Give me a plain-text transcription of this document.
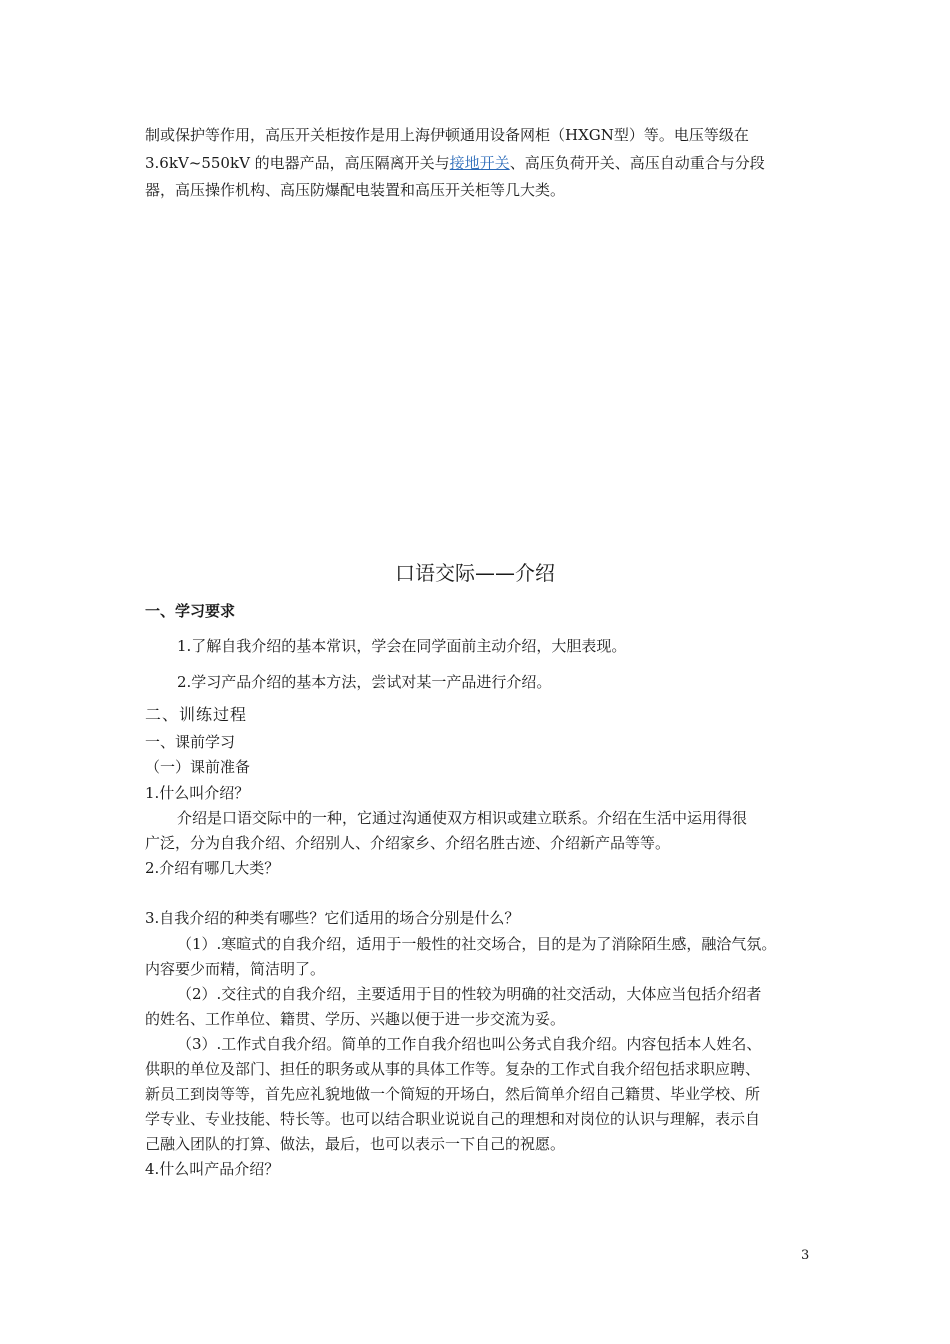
制或保护等作用，高压开关柜按作是用上海伊顿通用设备网柜（HXGN型）等。电压等级在
3.6kV~550kV 的电器产品，高压隔离开关与接地开关、高压负荷开关、高压自动重合与分段
器，高压操作机构、高压防爆配电装置和高压开关柜等几大类。
口语交际——介绍
一、学习要求
1.了解自我介绍的基本常识，学会在同学面前主动介绍，大胆表现。
2.学习产品介绍的基本方法，尝试对某一产品进行介绍。
二、训练过程
一、课前学习
（一）课前准备
1.什么叫介绍？
介绍是口语交际中的一种，它通过沟通使双方相识或建立联系。介绍在生活中运用得很
广泛，分为自我介绍、介绍别人、介绍家乡、介绍名胜古迹、介绍新产品等等。
2.介绍有哪几大类？
3.自我介绍的种类有哪些？它们适用的场合分别是什么？
（1）.寒暄式的自我介绍，适用于一般性的社交场合，目的是为了消除陌生感，融洽气氛。
内容要少而精，简洁明了。
（2）.交往式的自我介绍，主要适用于目的性较为明确的社交活动，大体应当包括介绍者
的姓名、工作单位、籍贯、学历、兴趣以便于进一步交流为妥。
（3）.工作式自我介绍。简单的工作自我介绍也叫公务式自我介绍。内容包括本人姓名、
供职的单位及部门、担任的职务或从事的具体工作等。复杂的工作式自我介绍包括求职应聘、
新员工到岗等等，首先应礼貌地做一个简短的开场白，然后简单介绍自己籍贯、毕业学校、所
学专业、专业技能、特长等。也可以结合职业说说自己的理想和对岗位的认识与理解，表示自
己融入团队的打算、做法，最后，也可以表示一下自己的祝愿。
4.什么叫产品介绍？
3
